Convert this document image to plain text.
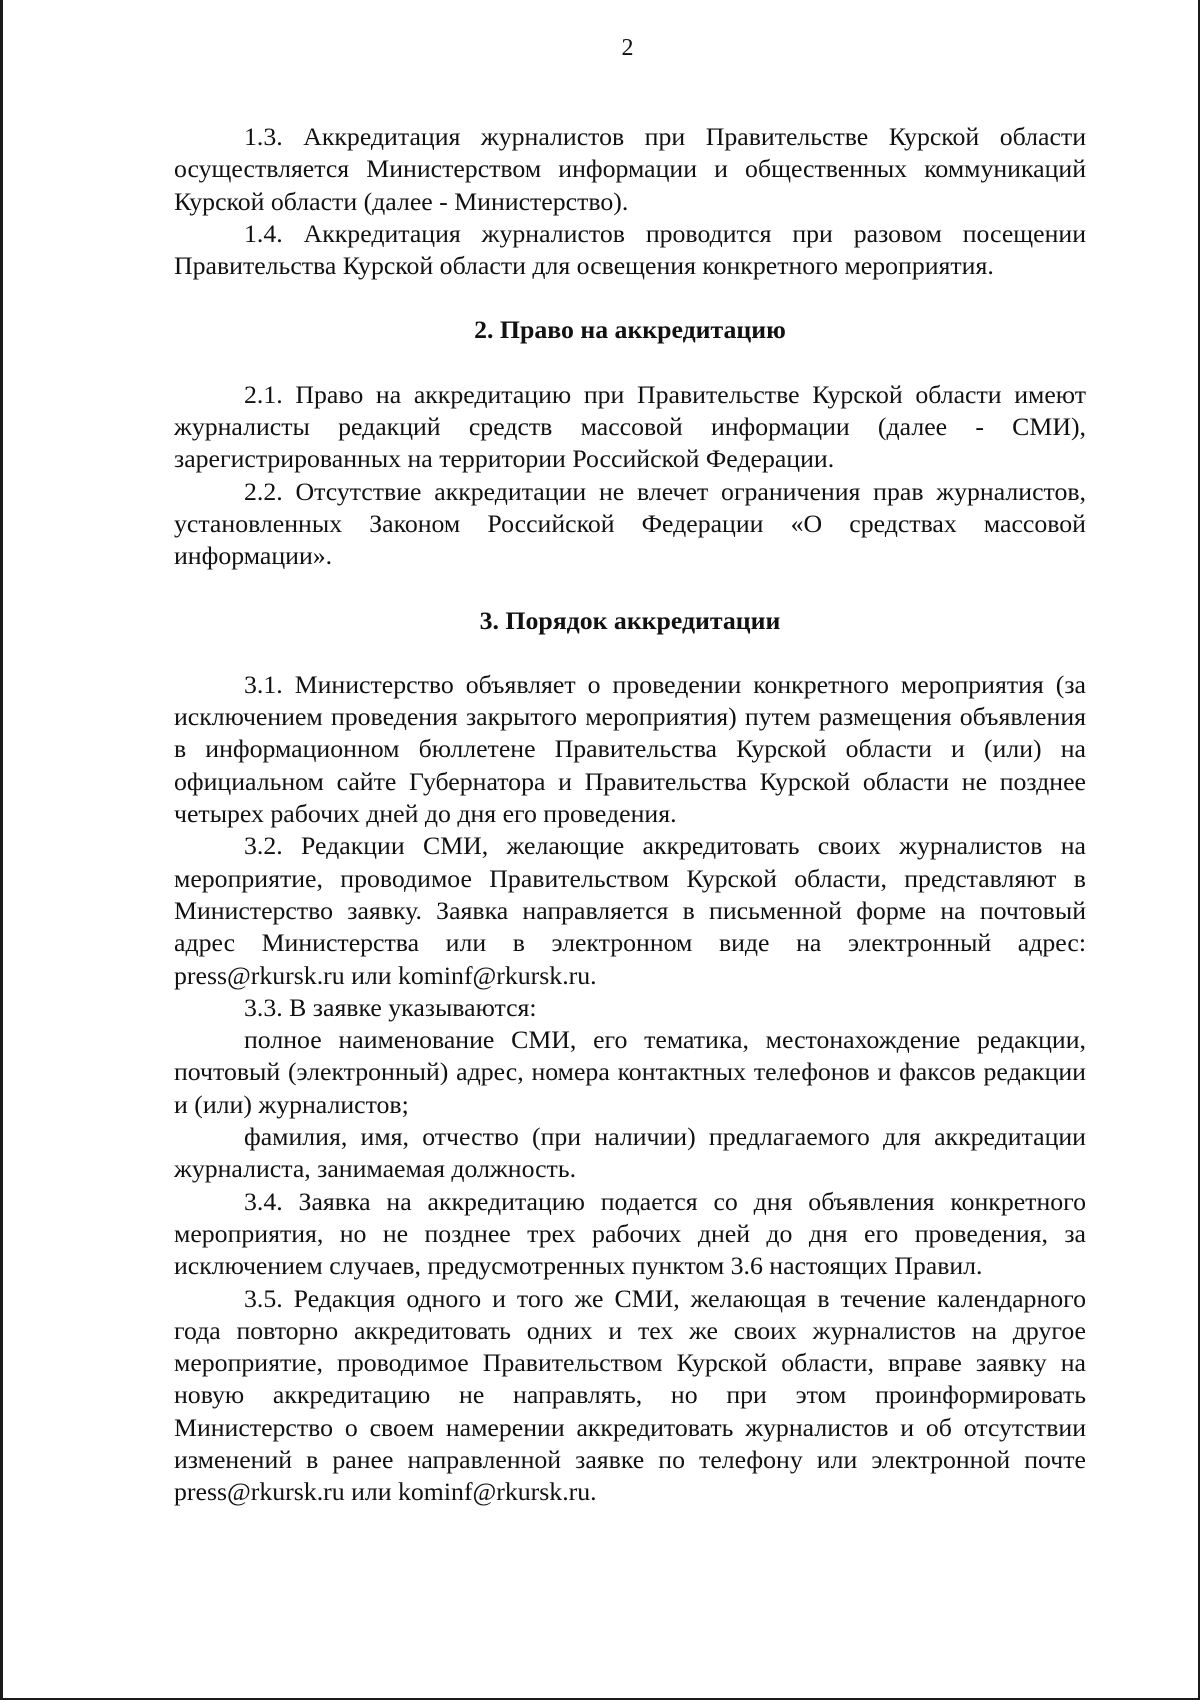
2

1.3. Аккредитация журналистов при Правительстве Курской области осуществляется Министерством информации и общественных коммуникаций Курской области (далее - Министерство).

1.4. Аккредитация журналистов проводится при разовом посещении Правительства Курской области для освещения конкретного мероприятия.

2. Право на аккредитацию

2.1. Право на аккредитацию при Правительстве Курской области имеют журналисты редакций средств массовой информации (далее - СМИ), зарегистрированных на территории Российской Федерации.

2.2. Отсутствие аккредитации не влечет ограничения прав журналистов, установленных Законом Российской Федерации «О средствах массовой информации».

3. Порядок аккредитации

3.1. Министерство объявляет о проведении конкретного мероприятия (за исключением проведения закрытого мероприятия) путем размещения объявления в информационном бюллетене Правительства Курской области и (или) на официальном сайте Губернатора и Правительства Курской области не позднее четырех рабочих дней до дня его проведения.

3.2. Редакции СМИ, желающие аккредитовать своих журналистов на мероприятие, проводимое Правительством Курской области, представляют в Министерство заявку. Заявка направляется в письменной форме на почтовый адрес Министерства или в электронном виде на электронный адрес: press@rkursk.ru или kominf@rkursk.ru.

3.3. В заявке указываются:

полное наименование СМИ, его тематика, местонахождение редакции, почтовый (электронный) адрес, номера контактных телефонов и факсов редакции и (или) журналистов;

фамилия, имя, отчество (при наличии) предлагаемого для аккредитации журналиста, занимаемая должность.

3.4. Заявка на аккредитацию подается со дня объявления конкретного мероприятия, но не позднее трех рабочих дней до дня его проведения, за исключением случаев, предусмотренных пунктом 3.6 настоящих Правил.

3.5. Редакция одного и того же СМИ, желающая в течение календарного года повторно аккредитовать одних и тех же своих журналистов на другое мероприятие, проводимое Правительством Курской области, вправе заявку на новую аккредитацию не направлять, но при этом проинформировать Министерство о своем намерении аккредитовать журналистов и об отсутствии изменений в ранее направленной заявке по телефону или электронной почте press@rkursk.ru или kominf@rkursk.ru.
